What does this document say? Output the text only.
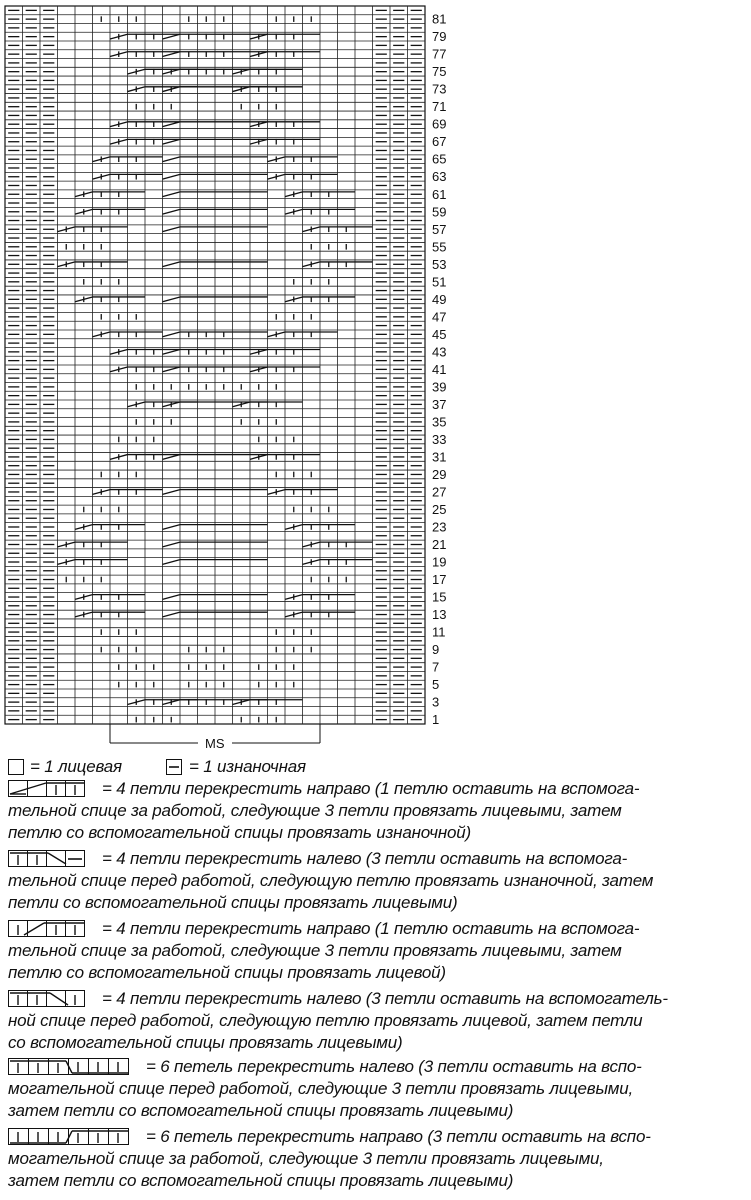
81
79
77
75
73
71
69
67
65
63
61
59
57
55
53
51
49
47
45
43
41
39
37
35
33
31
29
27
25
23
21
19
17
15
13
11
9
7
5
3
1
MS
= 1 лицевая	= 1 изнаночная
= 4 петли перекрестить направо (1 петлю оставить на вспомога-
тельной спице за работой, следующие 3 петли провязать лицевыми, затем
петлю со вспомогательной спицы провязать изнаночной)
= 4 петли перекрестить налево (3 петли оставить на вспомога-
тельной спице перед работой, следующую петлю провязать изнаночной, затем
петли со вспомогательной спицы провязать лицевыми)
= 4 петли перекрестить направо (1 петлю оставить на вспомога-
тельной спице за работой, следующие 3 петли провязать лицевыми, затем
петлю со вспомогательной спицы провязать лицевой)
= 4 петли перекрестить налево (3 петли оставить на вспомогатель-
ной спице перед работой, следующую петлю провязать лицевой, затем петли
со вспомогательной спицы провязать лицевыми)
= 6 петель перекрестить налево (3 петли оставить на вспо-
могательной спице перед работой, следующие 3 петли провязать лицевыми,
затем петли со вспомогательной спицы провязать лицевыми)
= 6 петель перекрестить направо (3 петли оставить на вспо-
могательной спице за работой, следующие 3 петли провязать лицевыми,
затем петли со вспомогательной спицы провязать лицевыми)
